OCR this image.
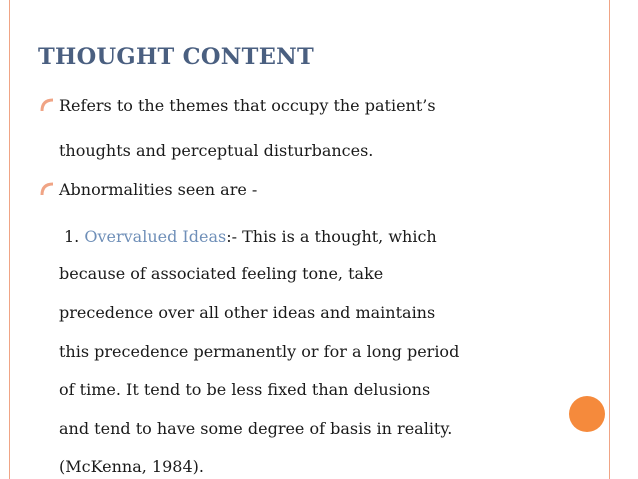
THOUGHT CONTENT
Refers to the themes that occupy the patient’s
thoughts and perceptual disturbances.
Abnormalities seen are -
1. Overvalued Ideas:- This is a thought, which
because of associated feeling tone, take
precedence over all other ideas and maintains
this precedence permanently or for a long period
of time. It tend to be less fixed than delusions
and tend to have some degree of basis in reality.
(McKenna, 1984).
